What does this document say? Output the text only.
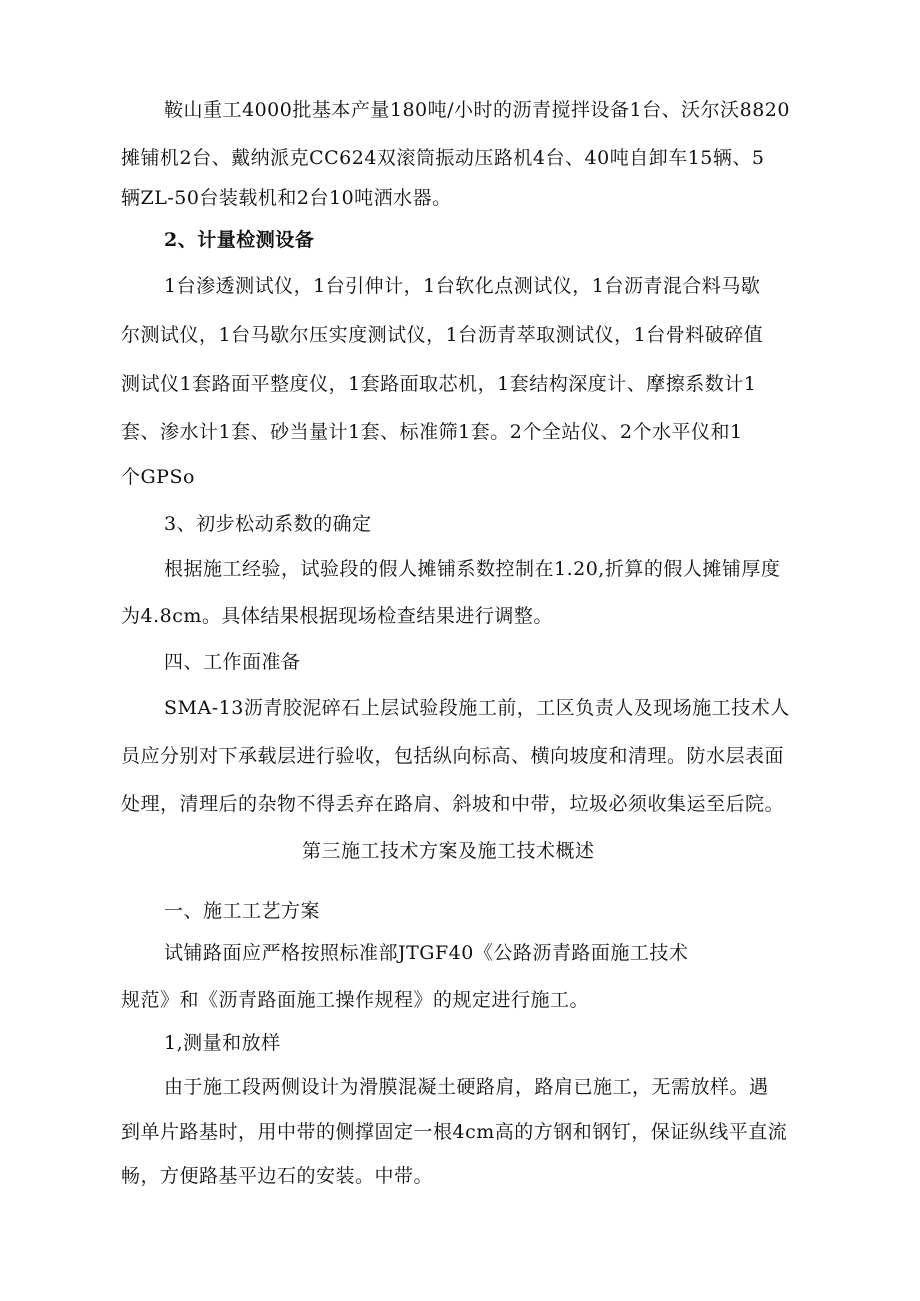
鞍山重工4000批基本产量180吨/小时的沥青搅拌设备1台、沃尔沃8820
摊铺机2台、戴纳派克CC624双滚筒振动压路机4台、40吨自卸车15辆、5
辆ZL-50台装载机和2台10吨洒水器。
2、计量检测设备
1台渗透测试仪，1台引伸计，1台软化点测试仪，1台沥青混合料马歇
尔测试仪，1台马歇尔压实度测试仪，1台沥青萃取测试仪，1台骨料破碎值
测试仪1套路面平整度仪，1套路面取芯机，1套结构深度计、摩擦系数计1
套、渗水计1套、砂当量计1套、标准筛1套。2个全站仪、2个水平仪和1
个GPSo
3、初步松动系数的确定
根据施工经验，试验段的假人摊铺系数控制在1.20,折算的假人摊铺厚度
为4.8cm。具体结果根据现场检查结果进行调整。
四、工作面准备
SMA-13沥青胶泥碎石上层试验段施工前，工区负责人及现场施工技术人
员应分别对下承载层进行验收，包括纵向标高、横向坡度和清理。防水层表面
处理，清理后的杂物不得丢弃在路肩、斜坡和中带，垃圾必须收集运至后院。
第三施工技术方案及施工技术概述
一、施工工艺方案
试铺路面应严格按照标准部JTGF40《公路沥青路面施工技术
规范》和《沥青路面施工操作规程》的规定进行施工。
1,测量和放样
由于施工段两侧设计为滑膜混凝土硬路肩，路肩已施工，无需放样。遇
到单片路基时，用中带的侧撑固定一根4cm高的方钢和钢钉，保证纵线平直流
畅，方便路基平边石的安装。中带。
